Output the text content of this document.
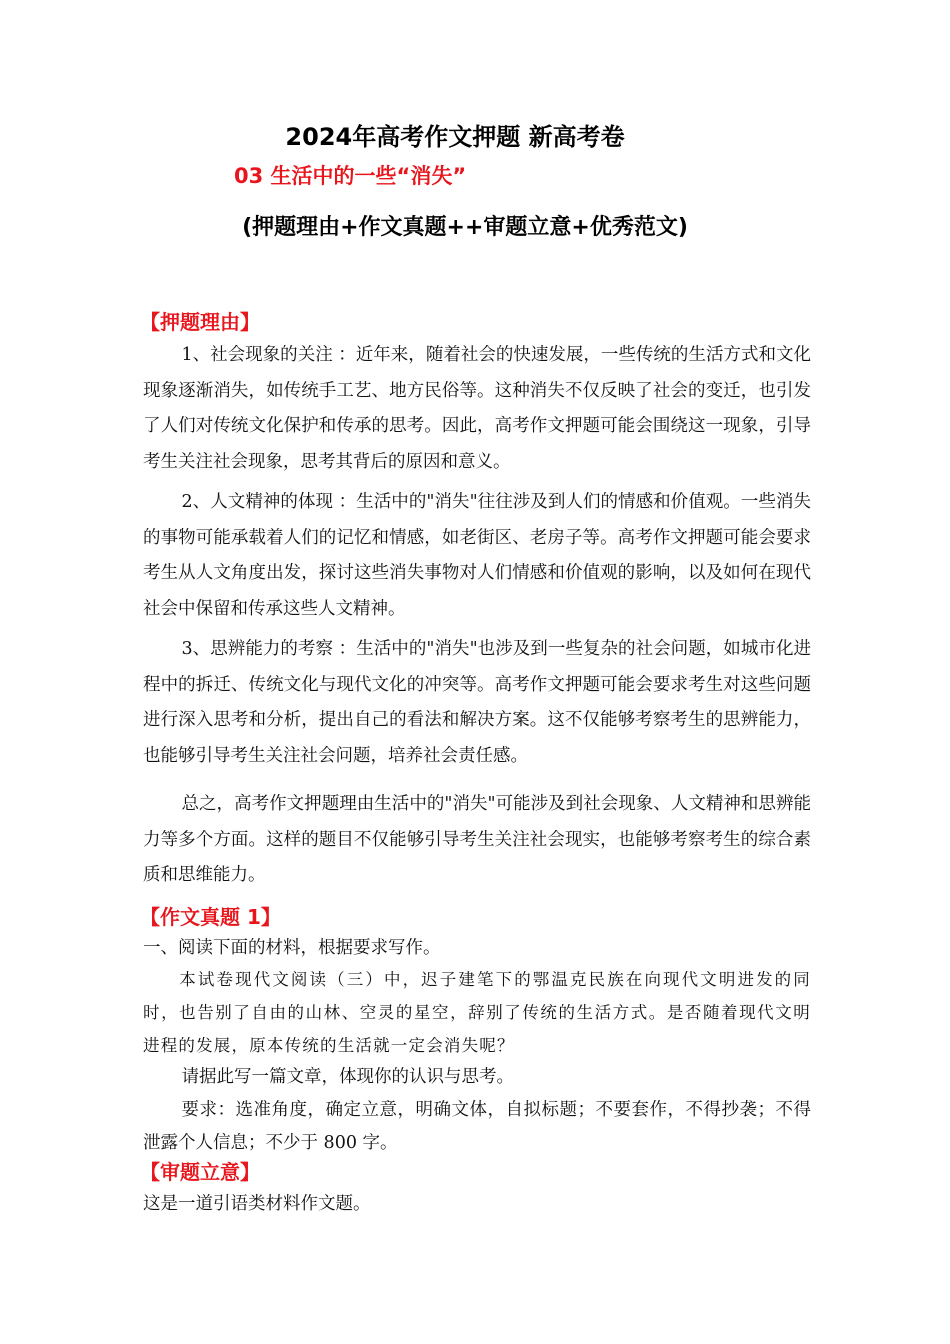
2024年高考作文押题 新高考卷
03 生活中的一些“消失”
(押题理由+作文真题++审题立意+优秀范文)
【押题理由】
1、社会现象的关注 ：近年来，随着社会的快速发展，一些传统的生活方式和文化现象逐渐消失，如传统手工艺、地方民俗等。这种消失不仅反映了社会的变迁，也引发了人们对传统文化保护和传承的思考。因此，高考作文押题可能会围绕这一现象，引导考生关注社会现象，思考其背后的原因和意义。
2、人文精神的体现 ：生活中的"消失"往往涉及到人们的情感和价值观。一些消失的事物可能承载着人们的记忆和情感，如老街区、老房子等。高考作文押题可能会要求考生从人文角度出发，探讨这些消失事物对人们情感和价值观的影响，以及如何在现代社会中保留和传承这些人文精神。
3、思辨能力的考察 ：生活中的"消失"也涉及到一些复杂的社会问题，如城市化进程中的拆迁、传统文化与现代文化的冲突等。高考作文押题可能会要求考生对这些问题进行深入思考和分析，提出自己的看法和解决方案。这不仅能够考察考生的思辨能力，也能够引导考生关注社会问题，培养社会责任感。
总之，高考作文押题理由生活中的"消失"可能涉及到社会现象、人文精神和思辨能力等多个方面。这样的题目不仅能够引导考生关注社会现实，也能够考察考生的综合素质和思维能力。
【作文真题 1】
一、阅读下面的材料，根据要求写作。
本试卷现代文阅读（三）中，迟子建笔下的鄂温克民族在向现代文明进发的同时，也告别了自由的山林、空灵的星空，辞别了传统的生活方式。是否随着现代文明进程的发展，原本传统的生活就一定会消失呢？
请据此写一篇文章，体现你的认识与思考。
要求：选准角度，确定立意，明确文体，自拟标题；不要套作，不得抄袭；不得泄露个人信息；不少于 800 字。
【审题立意】
这是一道引语类材料作文题。
